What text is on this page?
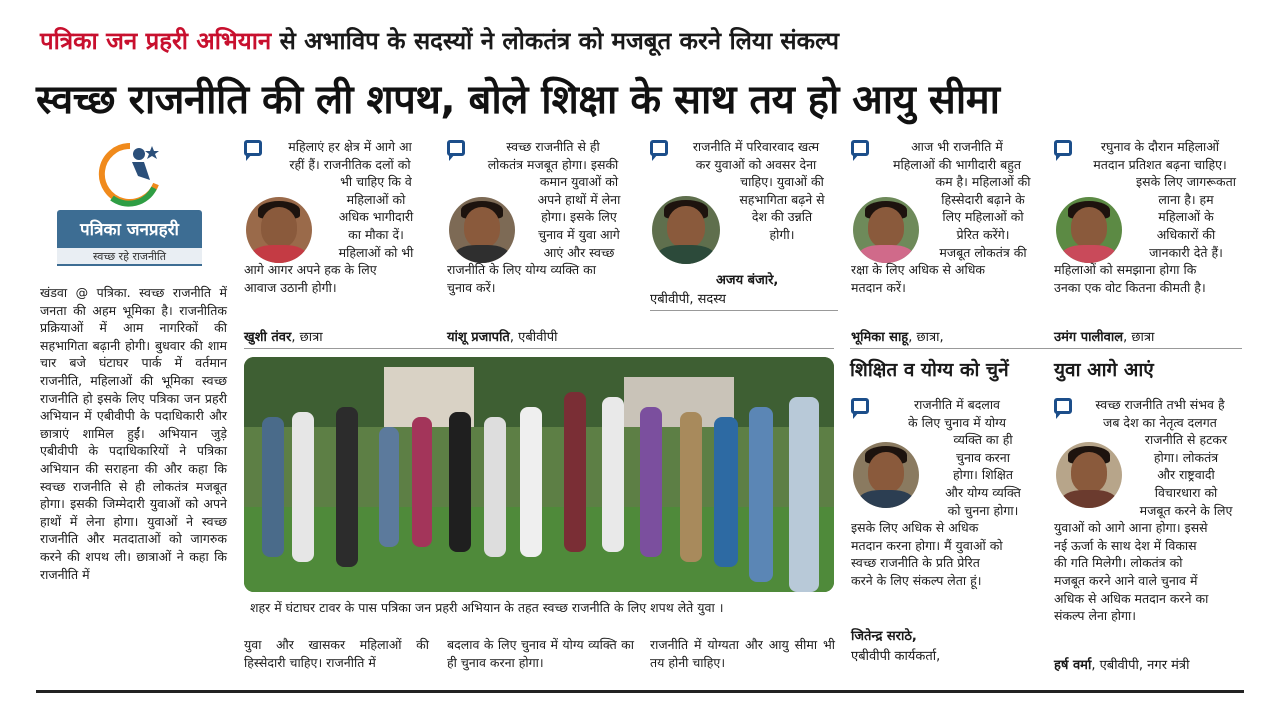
पत्रिका जन प्रहरी अभियान से अभाविप के सदस्यों ने लोकतंत्र को मजबूत करने लिया संकल्प
स्वच्छ राजनीति की ली शपथ, बोले शिक्षा के साथ तय हो आयु सीमा
पत्रिका जनप्रहरी
स्वच्छ रहे राजनीति
खंडवा @ पत्रिका. स्वच्छ राजनीति में जनता की अहम भूमिका है। राजनीतिक प्रक्रियाओं में आम नागरिकों की सहभागिता बढ़ानी होगी। बुधवार की शाम चार बजे घंटाघर पार्क में वर्तमान राजनीति, महिलाओं की भूमिका स्वच्छ राजनीति हो इसके लिए पत्रिका जन प्रहरी अभियान में एबीवीपी के पदाधिकारी और छात्राएं शामिल हुईं। अभियान जुड़े एबीवीपी के पदाधिकारियों ने पत्रिका अभियान की सराहना की और कहा कि स्वच्छ राजनीति से ही लोकतंत्र मजबूत होगा। इसकी जिम्मेदारी युवाओं को अपने हाथों में लेना होगा। युवाओं ने स्वच्छ राजनीति और मतदाताओं को जागरुक करने की शपथ ली। छात्राओं ने कहा कि राजनीति में
महिलाएं हर क्षेत्र में आगे आ
रहीं हैं। राजनीतिक दलों को
भी चाहिए कि वे
महिलाओं को
अधिक भागीदारी
का मौका दें।
महिलाओं को भी
आगे आगर अपने हक के लिए
आवाज उठानी होगी।
खुशी तंवर, छात्रा
स्वच्छ राजनीति से ही
लोकतंत्र मजबूत होगा। इसकी
कमान युवाओं को
अपने हाथों में लेना
होगा। इसके लिए
चुनाव में युवा आगे
आएं और स्वच्छ
राजनीति के लिए योग्य व्यक्ति का
चुनाव करें।
यांशू प्रजापति, एबीवीपी
राजनीति में परिवारवाद खत्म
कर युवाओं को अवसर देना
चाहिए। युवाओं की
सहभागिता बढ़ने से
देश की उन्नति
होगी।
एबीवीपी, सदस्य
अजय बंजारे,
आज भी राजनीति में
महिलाओं की भागीदारी बहुत
कम है। महिलाओं की
हिस्सेदारी बढ़ाने के
लिए महिलाओं को
प्रेरित करेंगे।
मजबूत लोकतंत्र की
रक्षा के लिए अधिक से अधिक
मतदान करें।
भूमिका साहू, छात्रा,
रघुनाव के दौरान महिलाओं
मतदान प्रतिशत बढ़ना चाहिए।
इसके लिए जागरूकता
लाना है। हम
महिलाओं के
अधिकारों की
जानकारी देते हैं।
महिलाओं को समझाना होगा कि
उनका एक वोट कितना कीमती है।
उमंग पालीवाल, छात्रा
शहर में घंटाघर टावर के पास पत्रिका जन प्रहरी अभियान के तहत स्वच्छ राजनीति के लिए शपथ लेते युवा ।
युवा और खासकर महिलाओं की हिस्सेदारी चाहिए। राजनीति में
बदलाव के लिए चुनाव में योग्य व्यक्ति का ही चुनाव करना होगा।
राजनीति में योग्यता और आयु सीमा भी तय होनी चाहिए।
शिक्षित व योग्य को चुनें युवा आगे आएं
राजनीति में बदलाव
के लिए चुनाव में योग्य
व्यक्ति का ही
चुनाव करना
होगा। शिक्षित
और योग्य व्यक्ति
को चुनना होगा।
इसके लिए अधिक से अधिक
मतदान करना होगा। मैं युवाओं को
स्वच्छ राजनीति के प्रति प्रेरित
करने के लिए संकल्प लेता हूं।
जितेन्द्र सराठे,
एबीवीपी कार्यकर्ता,
स्वच्छ राजनीति तभी संभव है
जब देश का नेतृत्व दलगत
राजनीति से हटकर
होगा। लोकतंत्र
और राष्ट्रवादी
विचारधारा को
मजबूत करने के लिए
युवाओं को आगे आना होगा। इससे
नई ऊर्जा के साथ देश में विकास
की गति मिलेगी। लोकतंत्र को
मजबूत करने आने वाले चुनाव में
अधिक से अधिक मतदान करने का
संकल्प लेना होगा।
हर्ष वर्मा, एबीवीपी, नगर मंत्री
